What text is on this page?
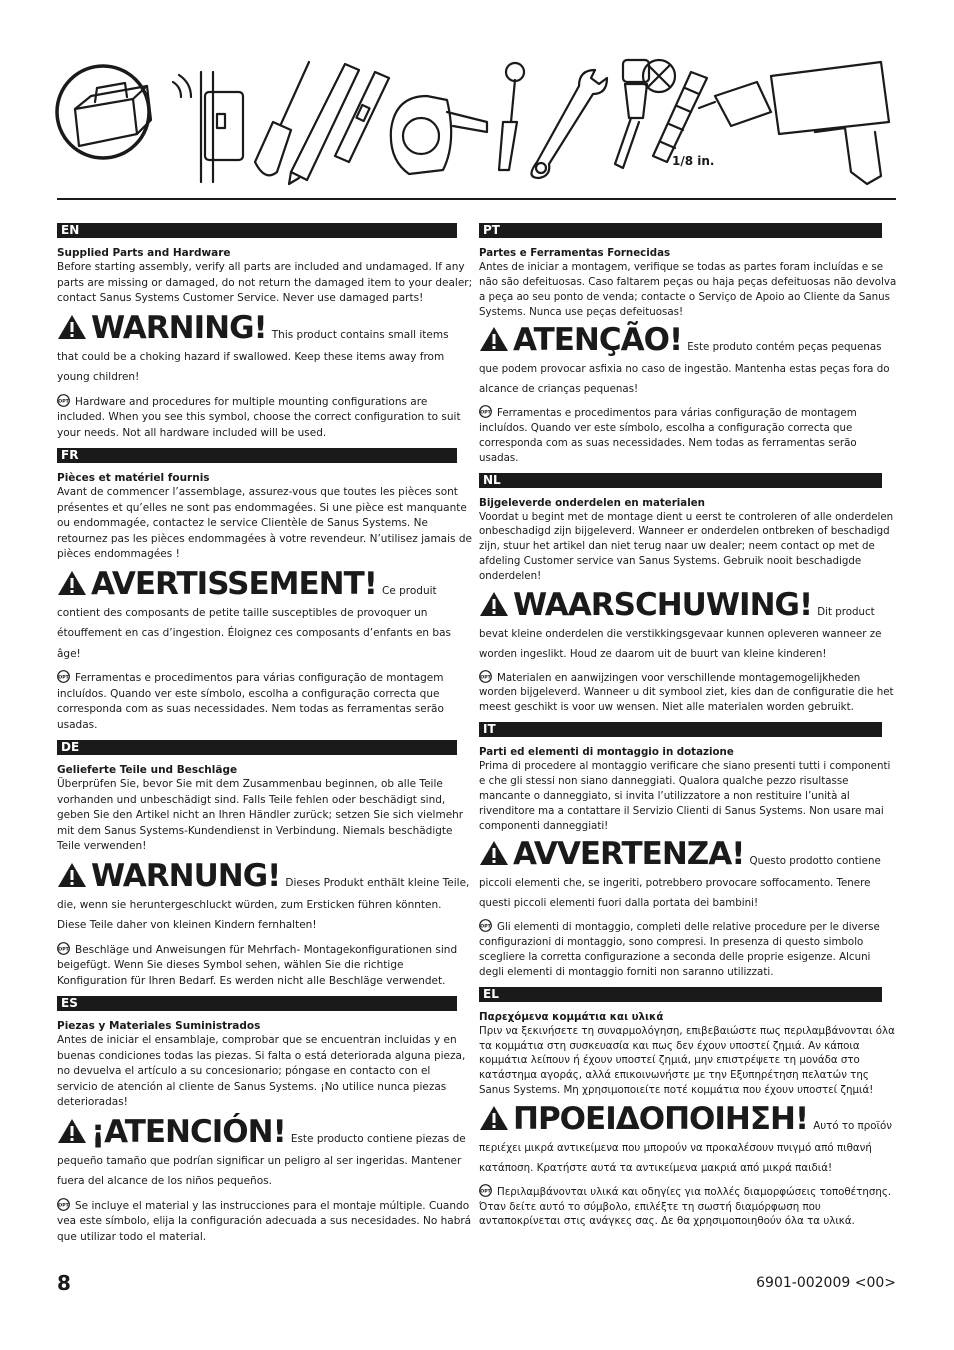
1/8 in.
EN
Supplied Parts and Hardware

Before starting assembly, verify all parts are included and undamaged. If any parts are missing or damaged, do not return the damaged item to your dealer; contact Sanus Systems Customer Service. Never use damaged parts!

WARNING! This product contains small items that could be a choking hazard if swallowed. Keep these items away from young children!

OPT Hardware and procedures for multiple mounting configurations are included. When you see this symbol, choose the correct configuration to suit your needs. Not all hardware included will be used.

FR
Pièces et matériel fournis

Avant de commencer l’assemblage, assurez-vous que toutes les pièces sont présentes et qu’elles ne sont pas endommagées. Si une pièce est manquante ou endommagée, contactez le service Clientèle de Sanus Systems. Ne retournez pas les pièces endommagées à votre revendeur. N’utilisez jamais de pièces endommagées !

AVERTISSEMENT! Ce produit contient des composants de petite taille susceptibles de provoquer un étouffement en cas d’ingestion. Éloignez ces composants d’enfants en bas âge!

OPT Ferramentas e procedimentos para várias configuração de montagem incluídos. Quando ver este símbolo, escolha a configuração correcta que corresponda com as suas necessidades. Nem todas as ferramentas serão usadas.

DE
Gelieferte Teile und Beschläge

Überprüfen Sie, bevor Sie mit dem Zusammenbau beginnen, ob alle Teile vorhanden und unbeschädigt sind. Falls Teile fehlen oder beschädigt sind, geben Sie den Artikel nicht an Ihren Händler zurück; setzen Sie sich vielmehr mit dem Sanus Systems-Kundendienst in Verbindung. Niemals beschädigte Teile verwenden!

WARNUNG! Dieses Produkt enthält kleine Teile, die, wenn sie heruntergeschluckt würden, zum Ersticken führen könnten. Diese Teile daher von kleinen Kindern fernhalten!

OPT Beschläge und Anweisungen für Mehrfach- Montagekonfigurationen sind beigefügt. Wenn Sie dieses Symbol sehen, wählen Sie die richtige Konfiguration für Ihren Bedarf. Es werden nicht alle Beschläge verwendet.

ES
Piezas y Materiales Suministrados

Antes de iniciar el ensamblaje, comprobar que se encuentran incluidas y en buenas condiciones todas las piezas. Si falta o está deteriorada alguna pieza, no devuelva el artículo a su concesionario; póngase en contacto con el servicio de atención al cliente de Sanus Systems. ¡No utilice nunca piezas deterioradas!

¡ATENCIÓN! Este producto contiene piezas de pequeño tamaño que podrían significar un peligro al ser ingeridas. Mantener fuera del alcance de los niños pequeños.

OPT Se incluye el material y las instrucciones para el montaje múltiple. Cuando vea este símbolo, elija la configuración adecuada a sus necesidades. No habrá que utilizar todo el material.

PT
Partes e Ferramentas Fornecidas

Antes de iniciar a montagem, verifique se todas as partes foram incluídas e se não são defeituosas. Caso faltarem peças ou haja peças defeituosas não devolva a peça ao seu ponto de venda; contacte o Serviço de Apoio ao Cliente da Sanus Systems. Nunca use peças defeituosas!

ATENÇÃO! Este produto contém peças pequenas que podem provocar asfixia no caso de ingestão. Mantenha estas peças fora do alcance de crianças pequenas!

OPT Ferramentas e procedimentos para várias configuração de montagem incluídos. Quando ver este símbolo, escolha a configuração correcta que corresponda com as suas necessidades. Nem todas as ferramentas serão usadas.

NL
Bijgeleverde onderdelen en materialen

Voordat u begint met de montage dient u eerst te controleren of alle onderdelen onbeschadigd zijn bijgeleverd. Wanneer er onderdelen ontbreken of beschadigd zijn, stuur het artikel dan niet terug naar uw dealer; neem contact op met de afdeling Customer service van Sanus Systems. Gebruik nooit beschadigde onderdelen!

WAARSCHUWING! Dit product bevat kleine onderdelen die verstikkingsgevaar kunnen opleveren wanneer ze worden ingeslikt. Houd ze daarom uit de buurt van kleine kinderen!

OPT Materialen en aanwijzingen voor verschillende montagemogelijkheden worden bijgeleverd. Wanneer u dit symbool ziet, kies dan de configuratie die het meest geschikt is voor uw wensen. Niet alle materialen worden gebruikt.

IT
Parti ed elementi di montaggio in dotazione

Prima di procedere al montaggio verificare che siano presenti tutti i componenti e che gli stessi non siano danneggiati. Qualora qualche pezzo risultasse mancante o danneggiato, si invita l’utilizzatore a non restituire l’unità al rivenditore ma a contattare il Servizio Clienti di Sanus Systems. Non usare mai componenti danneggiati!

AVVERTENZA! Questo prodotto contiene piccoli elementi che, se ingeriti, potrebbero provocare soffocamento. Tenere questi piccoli elementi fuori dalla portata dei bambini!

OPT Gli elementi di montaggio, completi delle relative procedure per le diverse configurazioni di montaggio, sono compresi. In presenza di questo simbolo scegliere la corretta configurazione a seconda delle proprie esigenze. Alcuni degli elementi di montaggio forniti non saranno utilizzati.

EL
Παρεχόμενα κομμάτια και υλικά

Πριν να ξεκινήσετε τη συναρμολόγηση, επιβεβαιώστε πως περιλαμβάνονται όλα τα κομμάτια στη συσκευασία και πως δεν έχουν υποστεί ζημιά. Αν κάποια κομμάτια λείπουν ή έχουν υποστεί ζημιά, μην επιστρέψετε τη μονάδα στο κατάστημα αγοράς, αλλά επικοινωνήστε με την Εξυπηρέτηση πελατών της Sanus Systems. Μη χρησιμοποιείτε ποτέ κομμάτια που έχουν υποστεί ζημιά!

ΠΡΟΕΙΔΟΠΟΙΗΣΗ! Αυτό το προϊόν περιέχει μικρά αντικείμενα που μπορούν να προκαλέσουν πνιγμό από πιθανή κατάποση. Κρατήστε αυτά τα αντικείμενα μακριά από μικρά παιδιά!

OPT Περιλαμβάνονται υλικά και οδηγίες για πολλές διαμορφώσεις τοποθέτησης. Όταν δείτε αυτό το σύμβολο, επιλέξτε τη σωστή διαμόρφωση που ανταποκρίνεται στις ανάγκες σας. Δε θα χρησιμοποιηθούν όλα τα υλικά.

8	6901-002009 <00>
